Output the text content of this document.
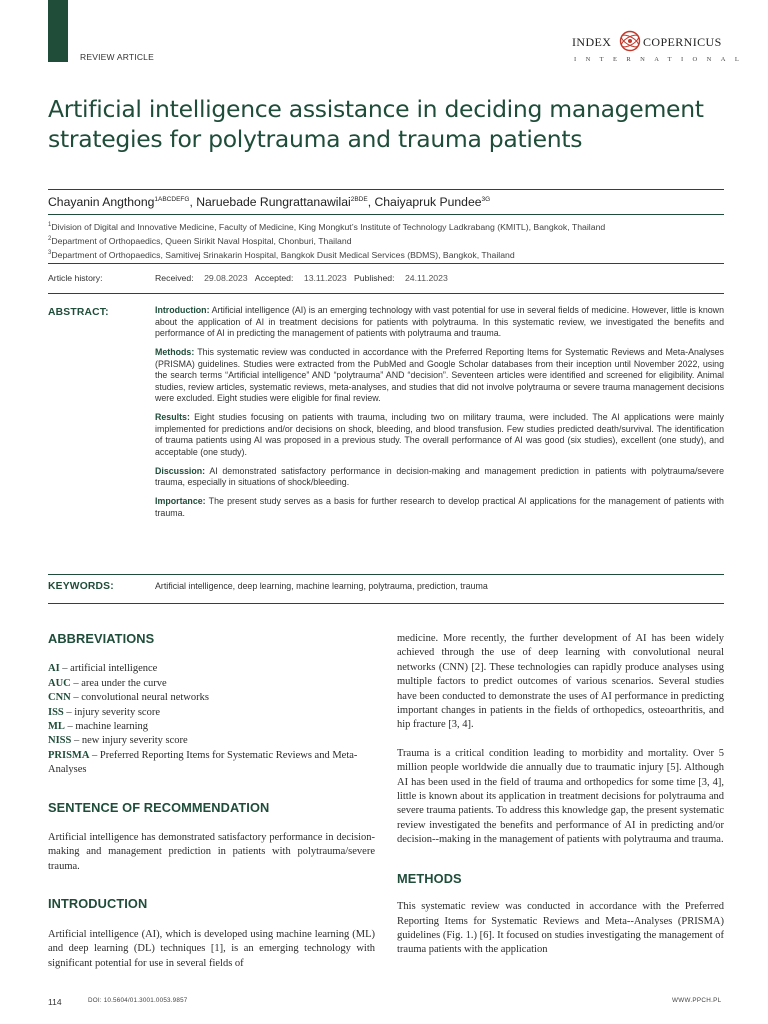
REVIEW ARTICLE
INDEX	COPERNICUS
INTERNATIONAL
Artificial intelligence assistance in deciding management strategies for polytrauma and trauma patients
Chayanin Angthong$^{1ABCDEFG}$, Naruebade Rungrattanawilai$^{2BDE}$, Chaiyapruk Pundee$^{3G}$
$^1$Division of Digital and Innovative Medicine, Faculty of Medicine, King Mongkut’s Institute of Technology Ladkrabang (KMITL), Bangkok, Thailand
$^2$Department of Orthopaedics, Queen Sirikit Naval Hospital, Chonburi, Thailand
$^3$Department of Orthopaedics, Samitivej Srinakarin Hospital, Bangkok Dusit Medical Services (BDMS), Bangkok, Thailand
Article history:	Received: 29.08.2023 Accepted: 13.11.2023 Published: 24.11.2023
ABSTRACT:	Introduction: Artificial intelligence (AI) is an emerging technology with vast potential for use in several fields of medicine. However, little is known about the application of AI in treatment decisions for patients with polytrauma. In this systematic review, we investigated the benefits and performance of AI in predicting the management of patients with polytrauma and trauma.

Methods: This systematic review was conducted in accordance with the Preferred Reporting Items for Systematic Reviews and Meta-Analyses (PRISMA) guidelines. Studies were extracted from the PubMed and Google Scholar databases from their inception until November 2022, using the search terms “Artificial intelligence” AND “polytrauma” AND “decision”. Seventeen articles were identified and screened for eligibility. Animal studies, review articles, systematic reviews, meta-analyses, and studies that did not involve polytrauma or severe trauma management decisions were excluded. Eight studies were eligible for final review.

Results: Eight studies focusing on patients with trauma, including two on military trauma, were included. The AI applications were mainly implemented for predictions and/or decisions on shock, bleeding, and blood transfusion. Few studies predicted death/survival. The identification of trauma patients using AI was proposed in a previous study. The overall performance of AI was good (six studies), excellent (one study), and acceptable (one study).

Discussion: AI demonstrated satisfactory performance in decision-making and management prediction in patients with polytrauma/severe trauma, especially in situations of shock/bleeding.

Importance: The present study serves as a basis for further research to develop practical AI applications for the management of patients with trauma.

KEYWORDS:	Artificial intelligence, deep learning, machine learning, polytrauma, prediction, trauma
ABBREVIATIONS

AI – artificial intelligence

AUC – area under the curve

CNN – convolutional neural networks

ISS – injury severity score

ML – machine learning

NISS – new injury severity score

PRISMA – Preferred Reporting Items for Systematic Reviews and Meta-Analyses

SENTENCE OF RECOMMENDATION

Artificial intelligence has demonstrated satisfactory performance in decision-making and management prediction in patients with polytrauma/severe trauma.

INTRODUCTION

Artificial intelligence (AI), which is developed using machine learning (ML) and deep learning (DL) techniques [1], is an emerging technology with significant potential for use in several fields of

medicine. More recently, the further development of AI has been widely achieved through the use of deep learning with convolutional neural networks (CNN) [2]. These technologies can rapidly produce analyses using multiple factors to predict outcomes of various scenarios. Several studies have been conducted to demonstrate the uses of AI performance in predicting important changes in patients in the fields of orthopedics, osteoarthritis, and hip fracture [3, 4].

Trauma is a critical condition leading to morbidity and mortality. Over 5 million people worldwide die annually due to traumatic injury [5]. Although AI has been used in the field of trauma and orthopedics for some time [3, 4], little is known about its application in treatment decisions for polytrauma and severe trauma patients. To address this knowledge gap, the present systematic review investigated the benefits and performance of AI in predicting and/or decision--making in the management of patients with polytrauma and trauma.

METHODS

This systematic review was conducted in accordance with the Preferred Reporting Items for Systematic Reviews and Meta--Analyses (PRISMA) guidelines (Fig. 1.) [6]. It focused on studies investigating the management of trauma patients with the application

114	DOI: 10.5604/01.3001.0053.9857	WWW.PPCH.PL
